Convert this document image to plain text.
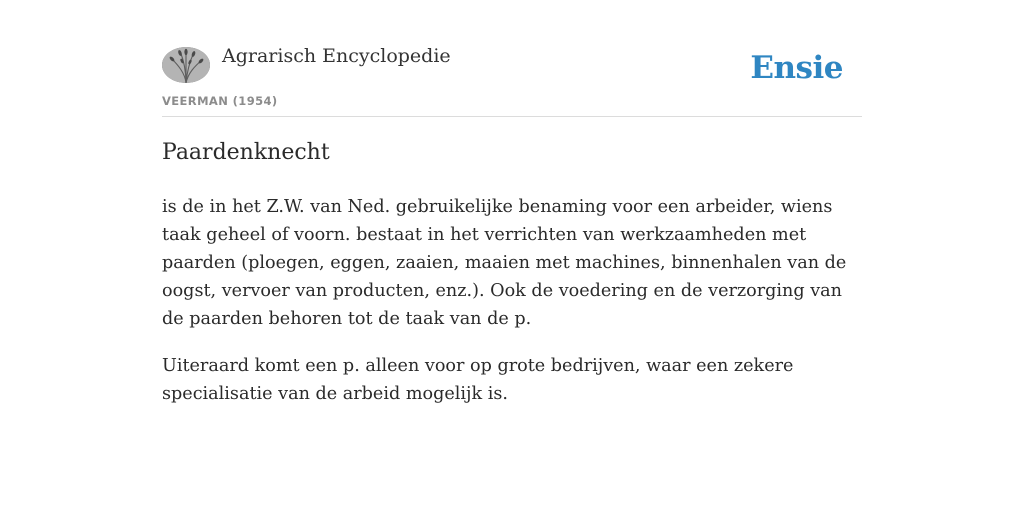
Agrarisch Encyclopedie
VEERMAN (1954)
Ensie
Paardenknecht

is de in het Z.W. van Ned. gebruikelijke benaming voor een arbeider, wiens taak geheel of voorn. bestaat in het verrichten van werkzaamheden met paarden (ploegen, eggen, zaaien, maaien met machines, binnenhalen van de oogst, vervoer van producten, enz.). Ook de voedering en de verzorging van de paarden behoren tot de taak van de p.

Uiteraard komt een p. alleen voor op grote bedrijven, waar een zekere specialisatie van de arbeid mogelijk is.
